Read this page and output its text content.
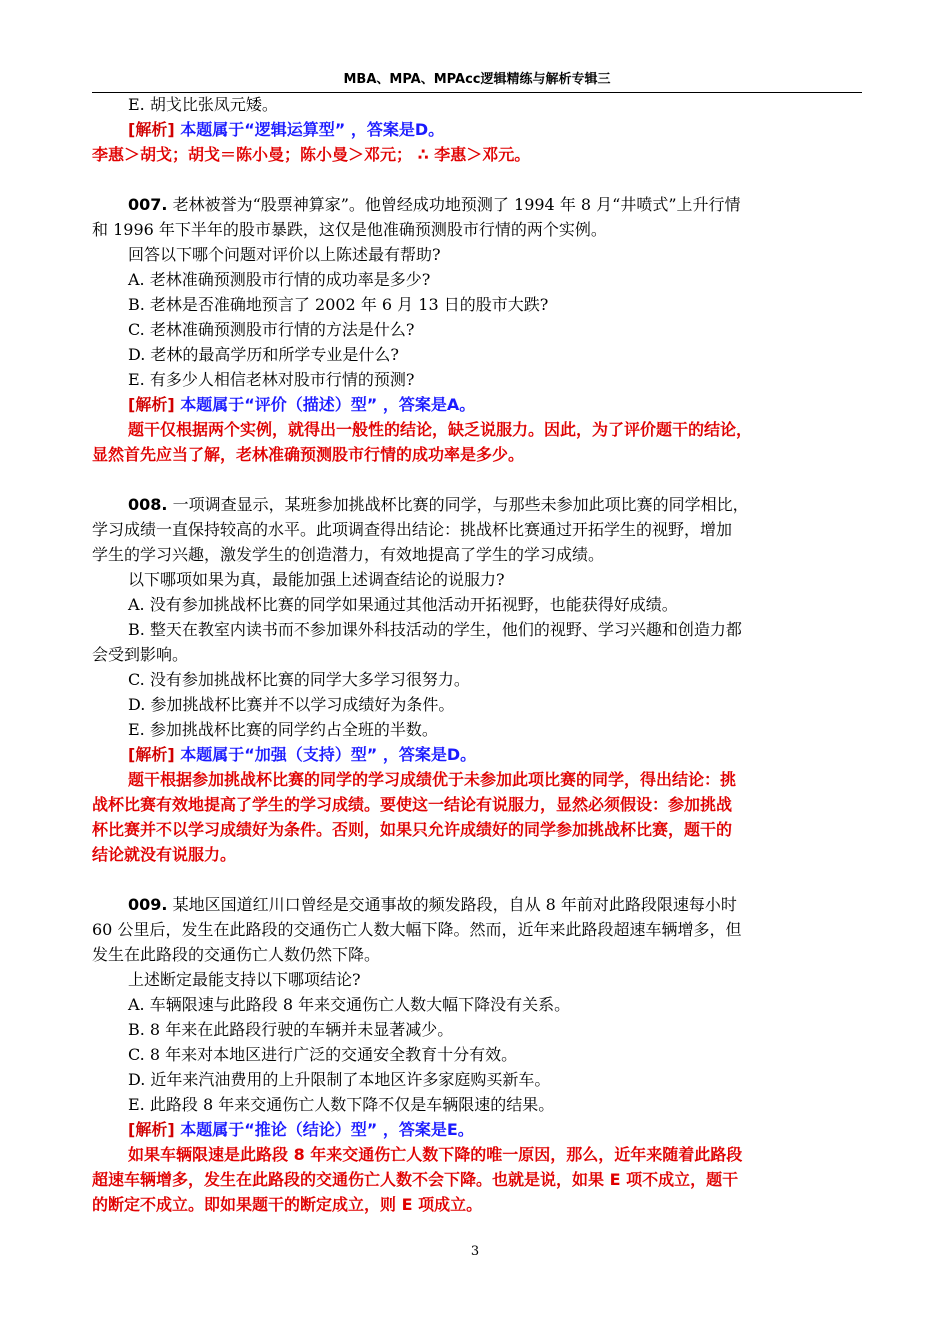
MBA、MPA、MPAcc逻辑精练与解析专辑三
E. 胡戈比张凤元矮。
[解析] 本题属于“逻辑运算型” ，答案是D。
李惠＞胡戈；胡戈＝陈小曼；陈小曼＞邓元； ∴ 李惠＞邓元。
007. 老林被誉为“股票神算家”。他曾经成功地预测了 1994 年 8 月“井喷式”上升行情
和 1996 年下半年的股市暴跌，这仅是他准确预测股市行情的两个实例。
回答以下哪个问题对评价以上陈述最有帮助?
A. 老林准确预测股市行情的成功率是多少?
B. 老林是否准确地预言了 2002 年 6 月 13 日的股市大跌?
C. 老林准确预测股市行情的方法是什么?
D. 老林的最高学历和所学专业是什么?
E. 有多少人相信老林对股市行情的预测?
[解析] 本题属于“评价（描述）型” ，答案是A。
题干仅根据两个实例，就得出一般性的结论，缺乏说服力。因此，为了评价题干的结论，
显然首先应当了解，老林准确预测股市行情的成功率是多少。
008. 一项调查显示，某班参加挑战杯比赛的同学，与那些未参加此项比赛的同学相比，
学习成绩一直保持较高的水平。此项调查得出结论：挑战杯比赛通过开拓学生的视野，增加
学生的学习兴趣，激发学生的创造潜力，有效地提高了学生的学习成绩。
以下哪项如果为真，最能加强上述调查结论的说服力?
A. 没有参加挑战杯比赛的同学如果通过其他活动开拓视野，也能获得好成绩。
B. 整天在教室内读书而不参加课外科技活动的学生，他们的视野、学习兴趣和创造力都
会受到影响。
C. 没有参加挑战杯比赛的同学大多学习很努力。
D. 参加挑战杯比赛并不以学习成绩好为条件。
E. 参加挑战杯比赛的同学约占全班的半数。
[解析] 本题属于“加强（支持）型” ，答案是D。
题干根据参加挑战杯比赛的同学的学习成绩优于未参加此项比赛的同学，得出结论：挑
战杯比赛有效地提高了学生的学习成绩。要使这一结论有说服力，显然必须假设：参加挑战
杯比赛并不以学习成绩好为条件。否则，如果只允许成绩好的同学参加挑战杯比赛，题干的
结论就没有说服力。
009. 某地区国道红川口曾经是交通事故的频发路段，自从 8 年前对此路段限速每小时
60 公里后，发生在此路段的交通伤亡人数大幅下降。然而，近年来此路段超速车辆增多，但
发生在此路段的交通伤亡人数仍然下降。
上述断定最能支持以下哪项结论?
A. 车辆限速与此路段 8 年来交通伤亡人数大幅下降没有关系。
B. 8 年来在此路段行驶的车辆并未显著减少。
C. 8 年来对本地区进行广泛的交通安全教育十分有效。
D. 近年来汽油费用的上升限制了本地区许多家庭购买新车。
E. 此路段 8 年来交通伤亡人数下降不仅是车辆限速的结果。
[解析] 本题属于“推论（结论）型” ，答案是E。
如果车辆限速是此路段 8 年来交通伤亡人数下降的唯一原因，那么，近年来随着此路段
超速车辆增多，发生在此路段的交通伤亡人数不会下降。也就是说，如果 E 项不成立，题干
的断定不成立。即如果题干的断定成立，则 E 项成立。
3
